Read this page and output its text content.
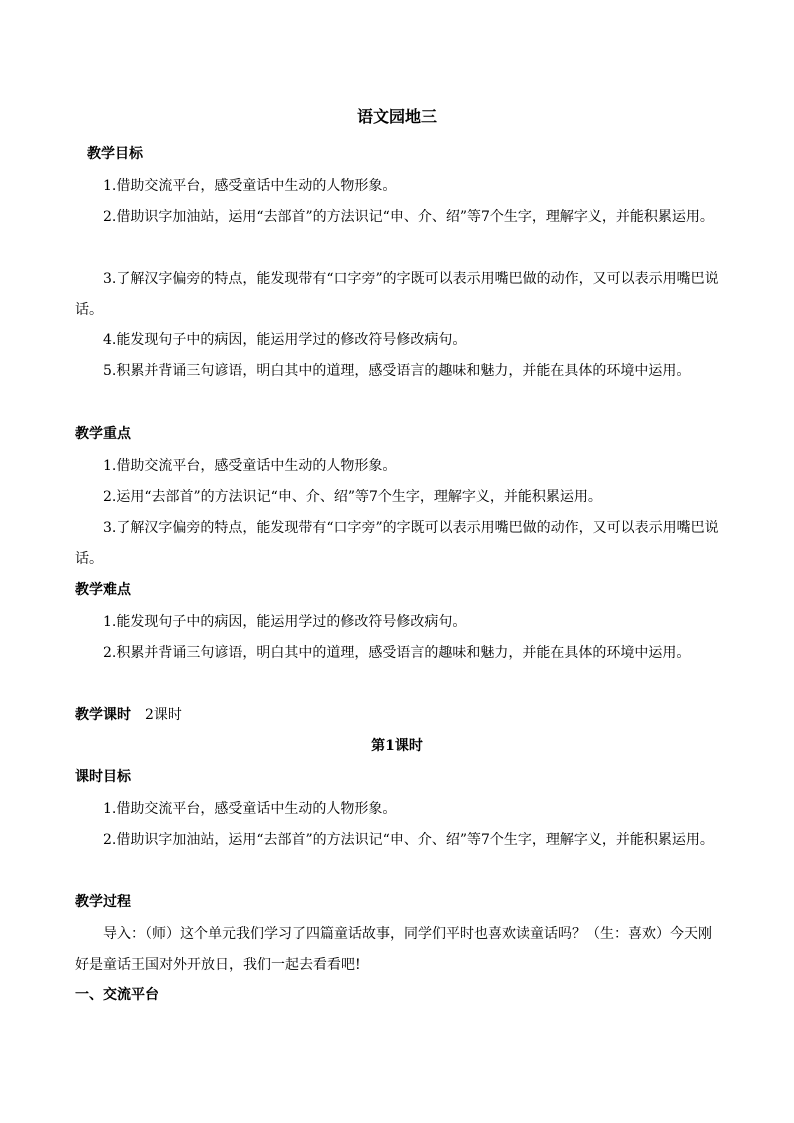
语文园地三
教学目标

1.借助交流平台，感受童话中生动的人物形象。

2.借助识字加油站，运用“去部首”的方法识记“申、介、绍”等7个生字，理解字义，并能积累运用。

3.了解汉字偏旁的特点，能发现带有“口字旁”的字既可以表示用嘴巴做的动作，又可以表示用嘴巴说话。

4.能发现句子中的病因，能运用学过的修改符号修改病句。

5.积累并背诵三句谚语，明白其中的道理，感受语言的趣味和魅力，并能在具体的环境中运用。

教学重点

1.借助交流平台，感受童话中生动的人物形象。

2.运用“去部首”的方法识记“申、介、绍”等7个生字，理解字义，并能积累运用。

3.了解汉字偏旁的特点，能发现带有“口字旁”的字既可以表示用嘴巴做的动作，又可以表示用嘴巴说话。

教学难点

1.能发现句子中的病因，能运用学过的修改符号修改病句。

2.积累并背诵三句谚语，明白其中的道理，感受语言的趣味和魅力，并能在具体的环境中运用。

教学课时 2课时
第1课时
课时目标

1.借助交流平台，感受童话中生动的人物形象。

2.借助识字加油站，运用“去部首”的方法识记“申、介、绍”等7个生字，理解字义，并能积累运用。

教学过程

导入：（师）这个单元我们学习了四篇童话故事，同学们平时也喜欢读童话吗？（生：喜欢）今天刚好是童话王国对外开放日，我们一起去看看吧!

一、交流平台
